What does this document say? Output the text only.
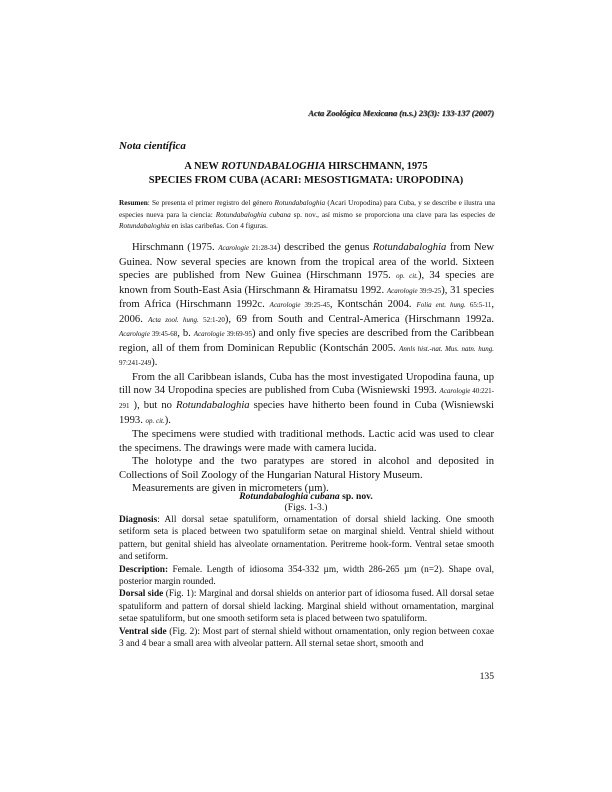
Acta Zoológica Mexicana (n.s.) 23(3): 133-137 (2007)
Nota científica
A NEW ROTUNDABALOGHIA HIRSCHMANN, 1975
SPECIES FROM CUBA (ACARI: MESOSTIGMATA: UROPODINA)
Resumen: Se presenta el primer registro del género Rotundabaloghia (Acari Uropodina) para Cuba, y se describe e ilustra una especies nueva para la ciencia: Rotundabaloghia cubana sp. nov., así mismo se proporciona una clave para las especies de Rotundabaloghia en islas caribeñas. Con 4 figuras.

Hirschmann (1975. Acarologie 21:28-34) described the genus Rotundabaloghia from New Guinea. Now several species are known from the tropical area of the world. Sixteen species are published from New Guinea (Hirschmann 1975. op. cit.), 34 species are known from South-East Asia (Hirschmann & Hiramatsu 1992. Acarologie 39:9-25), 31 species from Africa (Hirschmann 1992c. Acarologie 39:25-45, Kontschán 2004. Folia ent. hung. 65:5-11, 2006. Acta zool. hung. 52:1-20), 69 from South and Central-America (Hirschmann 1992a. Acarologie 39:45-68, b. Acarologie 39:69-95) and only five species are described from the Caribbean region, all of them from Dominican Republic (Kontschán 2005. Annls hist.-nat. Mus. natn. hung. 97:241-249).

From the all Caribbean islands, Cuba has the most investigated Uropodina fauna, up till now 34 Uropodina species are published from Cuba (Wisniewski 1993. Acarologie 40:221-291 ), but no Rotundabaloghia species have hitherto been found in Cuba (Wisniewski 1993. op. cit.).

The specimens were studied with traditional methods. Lactic acid was used to clear the specimens. The drawings were made with camera lucida.

The holotype and the two paratypes are stored in alcohol and deposited in Collections of Soil Zoology of the Hungarian Natural History Museum.

Measurements are given in micrometers (µm).

Rotundabaloghia cubana sp. nov.
(Figs. 1-3.)

Diagnosis: All dorsal setae spatuliform, ornamentation of dorsal shield lacking. One smooth setiform seta is placed between two spatuliform setae on marginal shield. Ventral shield without pattern, but genital shield has alveolate ornamentation. Peritreme hook-form. Ventral setae smooth and setiform.

Description: Female. Length of idiosoma 354-332 µm, width 286-265 µm (n=2). Shape oval, posterior margin rounded.

Dorsal side (Fig. 1): Marginal and dorsal shields on anterior part of idiosoma fused. All dorsal setae spatuliform and pattern of dorsal shield lacking. Marginal shield without ornamentation, marginal setae spatuliform, but one smooth setiform seta is placed between two spatuliform.

Ventral side (Fig. 2): Most part of sternal shield without ornamentation, only region between coxae 3 and 4 bear a small area with alveolar pattern. All sternal setae short, smooth and

135
